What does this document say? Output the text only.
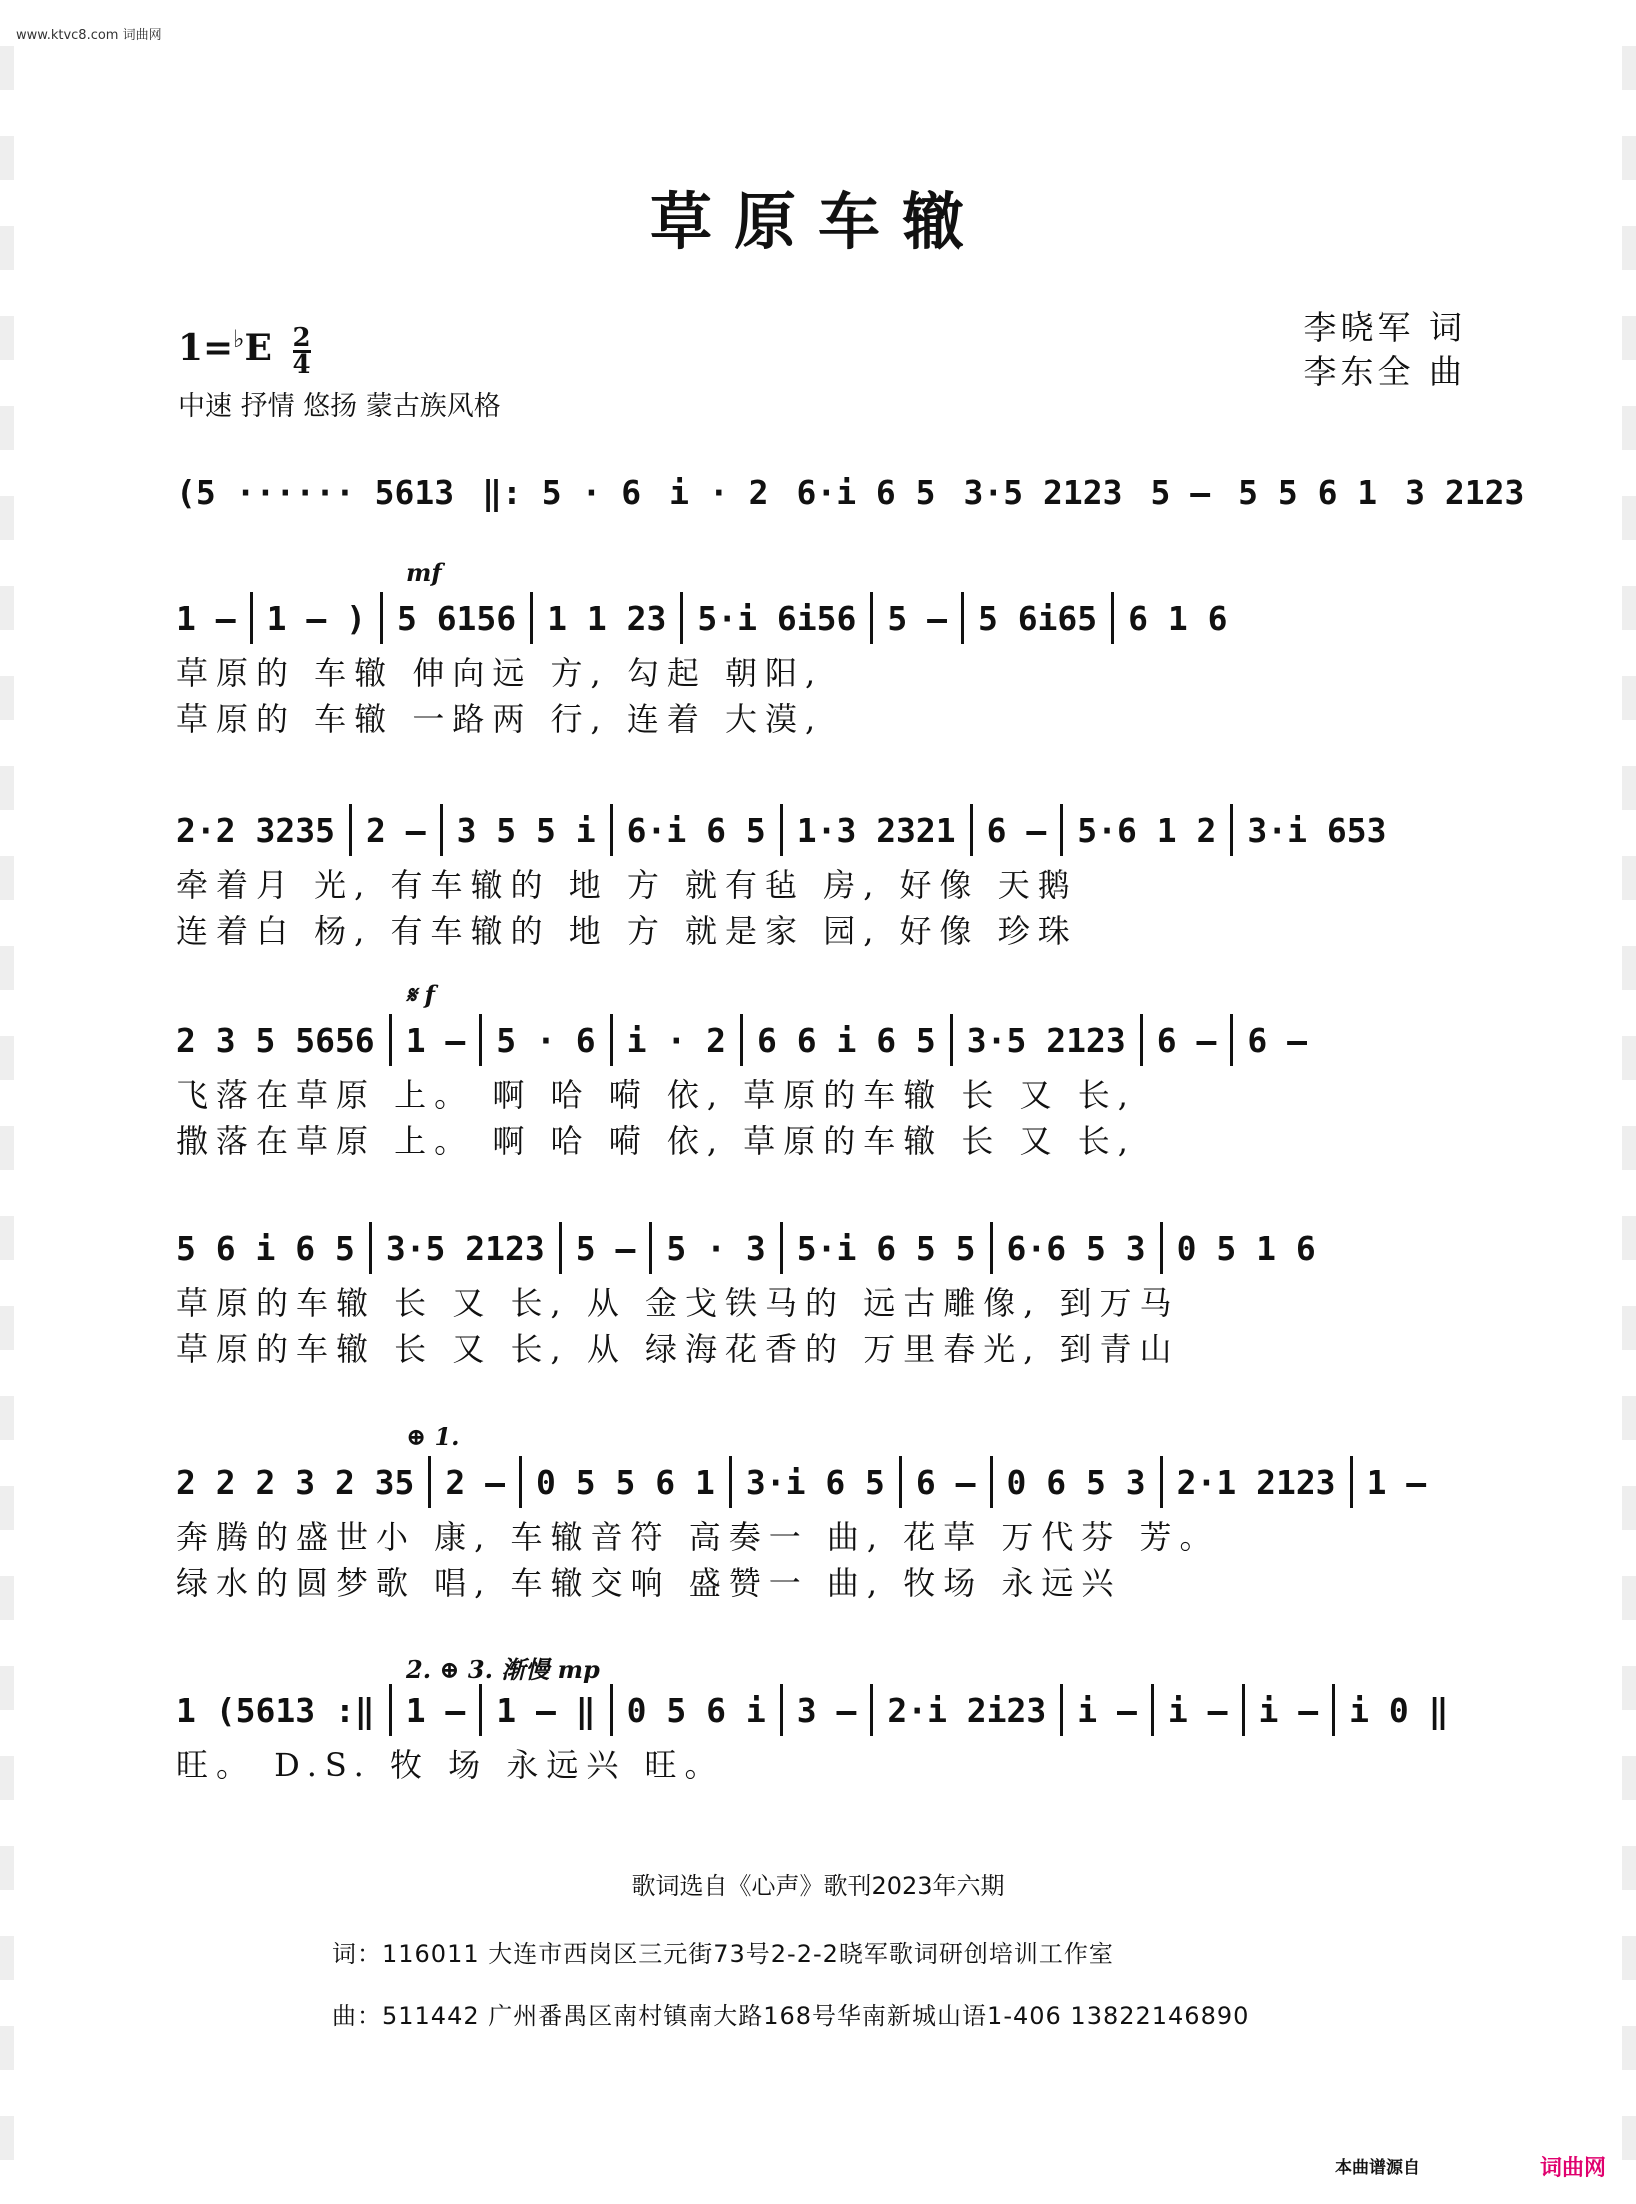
www.ktvc8.com 词曲网
草原车辙
$1=^♭E \frac{2}{4}$
中速 抒情 悠扬 蒙古族风格
李晓军 词
李东全 曲
(5 ······ 5613 ‖: 5 · 6 i · 2 6·i 6 5 3·5 2123 5 – 5 5 6 1 3 2123
mf
1 – 1 – ) 5 6156 1 1 23 5·i 6i56 5 – 5 6i65 6 1 6
草原的 车辙 伸向远 方, 勾起 朝阳,
草原的 车辙 一路两 行, 连着 大漠,
2·2 3235 2 – 3 5 5 i 6·i 6 5 1·3 2321 6 – 5·6 1 2 3·i 653
牵着月 光, 有车辙的 地 方 就有毡 房, 好像 天鹅
连着白 杨, 有车辙的 地 方 就是家 园, 好像 珍珠
𝄋 f
2 3 5 5656 1 – 5 · 6 i · 2 6 6 i 6 5 3·5 2123 6 – 6 –
飞落在草原 上。 啊 哈 嗬 依, 草原的车辙 长 又 长,
撒落在草原 上。 啊 哈 嗬 依, 草原的车辙 长 又 长,
5 6 i 6 5 3·5 2123 5 – 5 · 3 5·i 6 5 5 6·6 5 3 0 5 1 6
草原的车辙 长 又 长, 从 金戈铁马的 远古雕像, 到万马
草原的车辙 长 又 长, 从 绿海花香的 万里春光, 到青山
⊕ 1.
2 2 2 3 2 35 2 – 0 5 5 6 1 3·i 6 5 6 – 0 6 5 3 2·1 2123 1 –
奔腾的盛世小 康, 车辙音符 高奏一 曲, 花草 万代芬 芳。
绿水的圆梦歌 唱, 车辙交响 盛赞一 曲, 牧场 永远兴
2. ⊕ 3. 渐慢 mp
1 (5613 :‖ 1 – 1 – ‖ 0 5 6 i 3 – 2·i 2i23 i – i – i – i 0 ‖
旺。 D.S. 牧 场 永远兴 旺。
歌词选自《心声》歌刊2023年六期
词：116011 大连市西岗区三元街73号2-2-2晓军歌词研创培训工作室
曲：511442 广州番禺区南村镇南大路168号华南新城山语1-406 13822146890
本曲谱源自	词曲网
